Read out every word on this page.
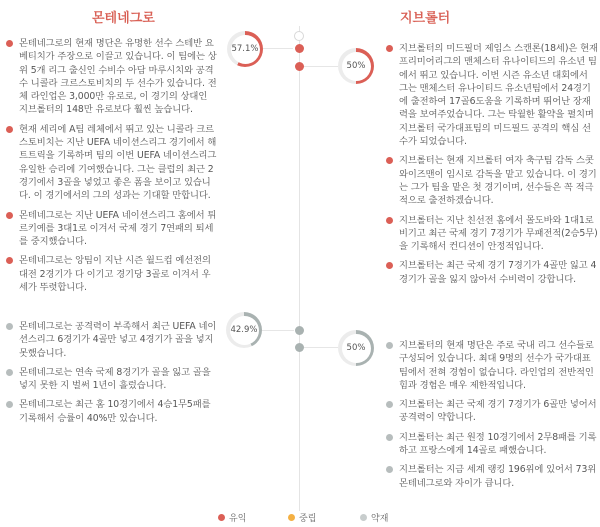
몬테네그로	지브롤터
57.1%
50%
몬테네그로의 현재 명단은 유명한 선수 스테반 요베티치가 주장으로 이끌고 있습니다. 이 팀에는 상위 5개 리그 출신인 수비수 아담 마루시치와 공격수 니콜라 크르스토비치의 두 선수가 있습니다. 전체 라인업은 3,000만 유로로, 이 경기의 상대인 지브롤터의 148만 유로보다 훨씬 높습니다.
현재 세리에 A팀 레체에서 뛰고 있는 니콜라 크르스토비치는 지난 UEFA 네이션스리그 경기에서 해트트릭을 기록하며 팀의 이번 UEFA 네이션스리그 유일한 승리에 기여했습니다. 그는 클럽의 최근 2경기에서 3골을 넣었고 좋은 폼을 보이고 있습니다. 이 경기에서의 그의 성과는 기대할 만합니다.
몬테네그로는 지난 UEFA 네이션스리그 홈에서 튀르키예를 3대1로 이겨서 국제 경기 7연패의 퇴세를 중지했습니다.
몬테네그로는 앙팀이 지난 시즌 월드컵 예선전의 대전 2경기가 다 이기고 경기당 3골로 이겨서 우세가 뚜렷합니다.
지브롤터의 미드필더 제임스 스캔론(18세)은 현재 프리미어리그의 맨체스터 유나이티드의 유소년 팀에서 뛰고 있습니다. 이번 시즌 유소년 대회에서 그는 맨체스터 유나이티드 유소년팀에서 24경기에 출전하여 17골6도움을 기록하며 뛰어난 장재력을 보여주었습니다. 그는 탁월한 활약을 펼치며 지브롤터 국가대표팀의 미드필드 공격의 핵심 선수가 되었습니다.
지브롤터는 현재 지브롤터 여자 축구팀 감독 스콧 와이즈맨이 임시로 감독을 맡고 있습니다. 이 경기는 그가 팀을 맡은 첫 경기이며, 선수들은 꼭 적극적으로 출전하겠습니다.
지브롤터는 지난 친선전 홈에서 몰도바와 1대1로 비기고 최근 국제 경기 7경기가 무패전적(2승5무)을 기록해서 컨디션이 안정적입니다.
지브롤터는 최근 국제 경기 7경기가 4골만 잃고 4경기가 골을 잃지 않아서 수비력이 강합니다.
42.9%
50%
몬테네그로는 공격력이 부족해서 최근 UEFA 네이션스리그 6경기가 4골만 넣고 4경기가 골을 넣지 못했습니다.
몬테네그로는 연속 국제 8경기가 골을 잃고 골을 넣지 못한 지 벌써 1년이 흘렀습니다.
몬테네그로는 최근 홈 10경기에서 4승1무5패를 기록해서 승률이 40%만 있습니다.
지브롤터의 현재 명단은 주로 국내 리그 선수들로 구성되어 있습니다. 최대 9명의 선수가 국가대표팀에서 전혀 경험이 없습니다. 라인업의 전반적인 힘과 경험은 매우 제한적입니다.
지브롤터는 최근 국제 경기 7경기가 6골만 넣어서 공격력이 약합니다.
지브롤터는 최근 원정 10경기에서 2무8패를 기록하고 프랑스에게 14골로 패했습니다.
지브롤터는 지금 세계 랭킹 196위에 있어서 73위 몬테네그로와 자이가 큽니다.
유익	중립	약재
